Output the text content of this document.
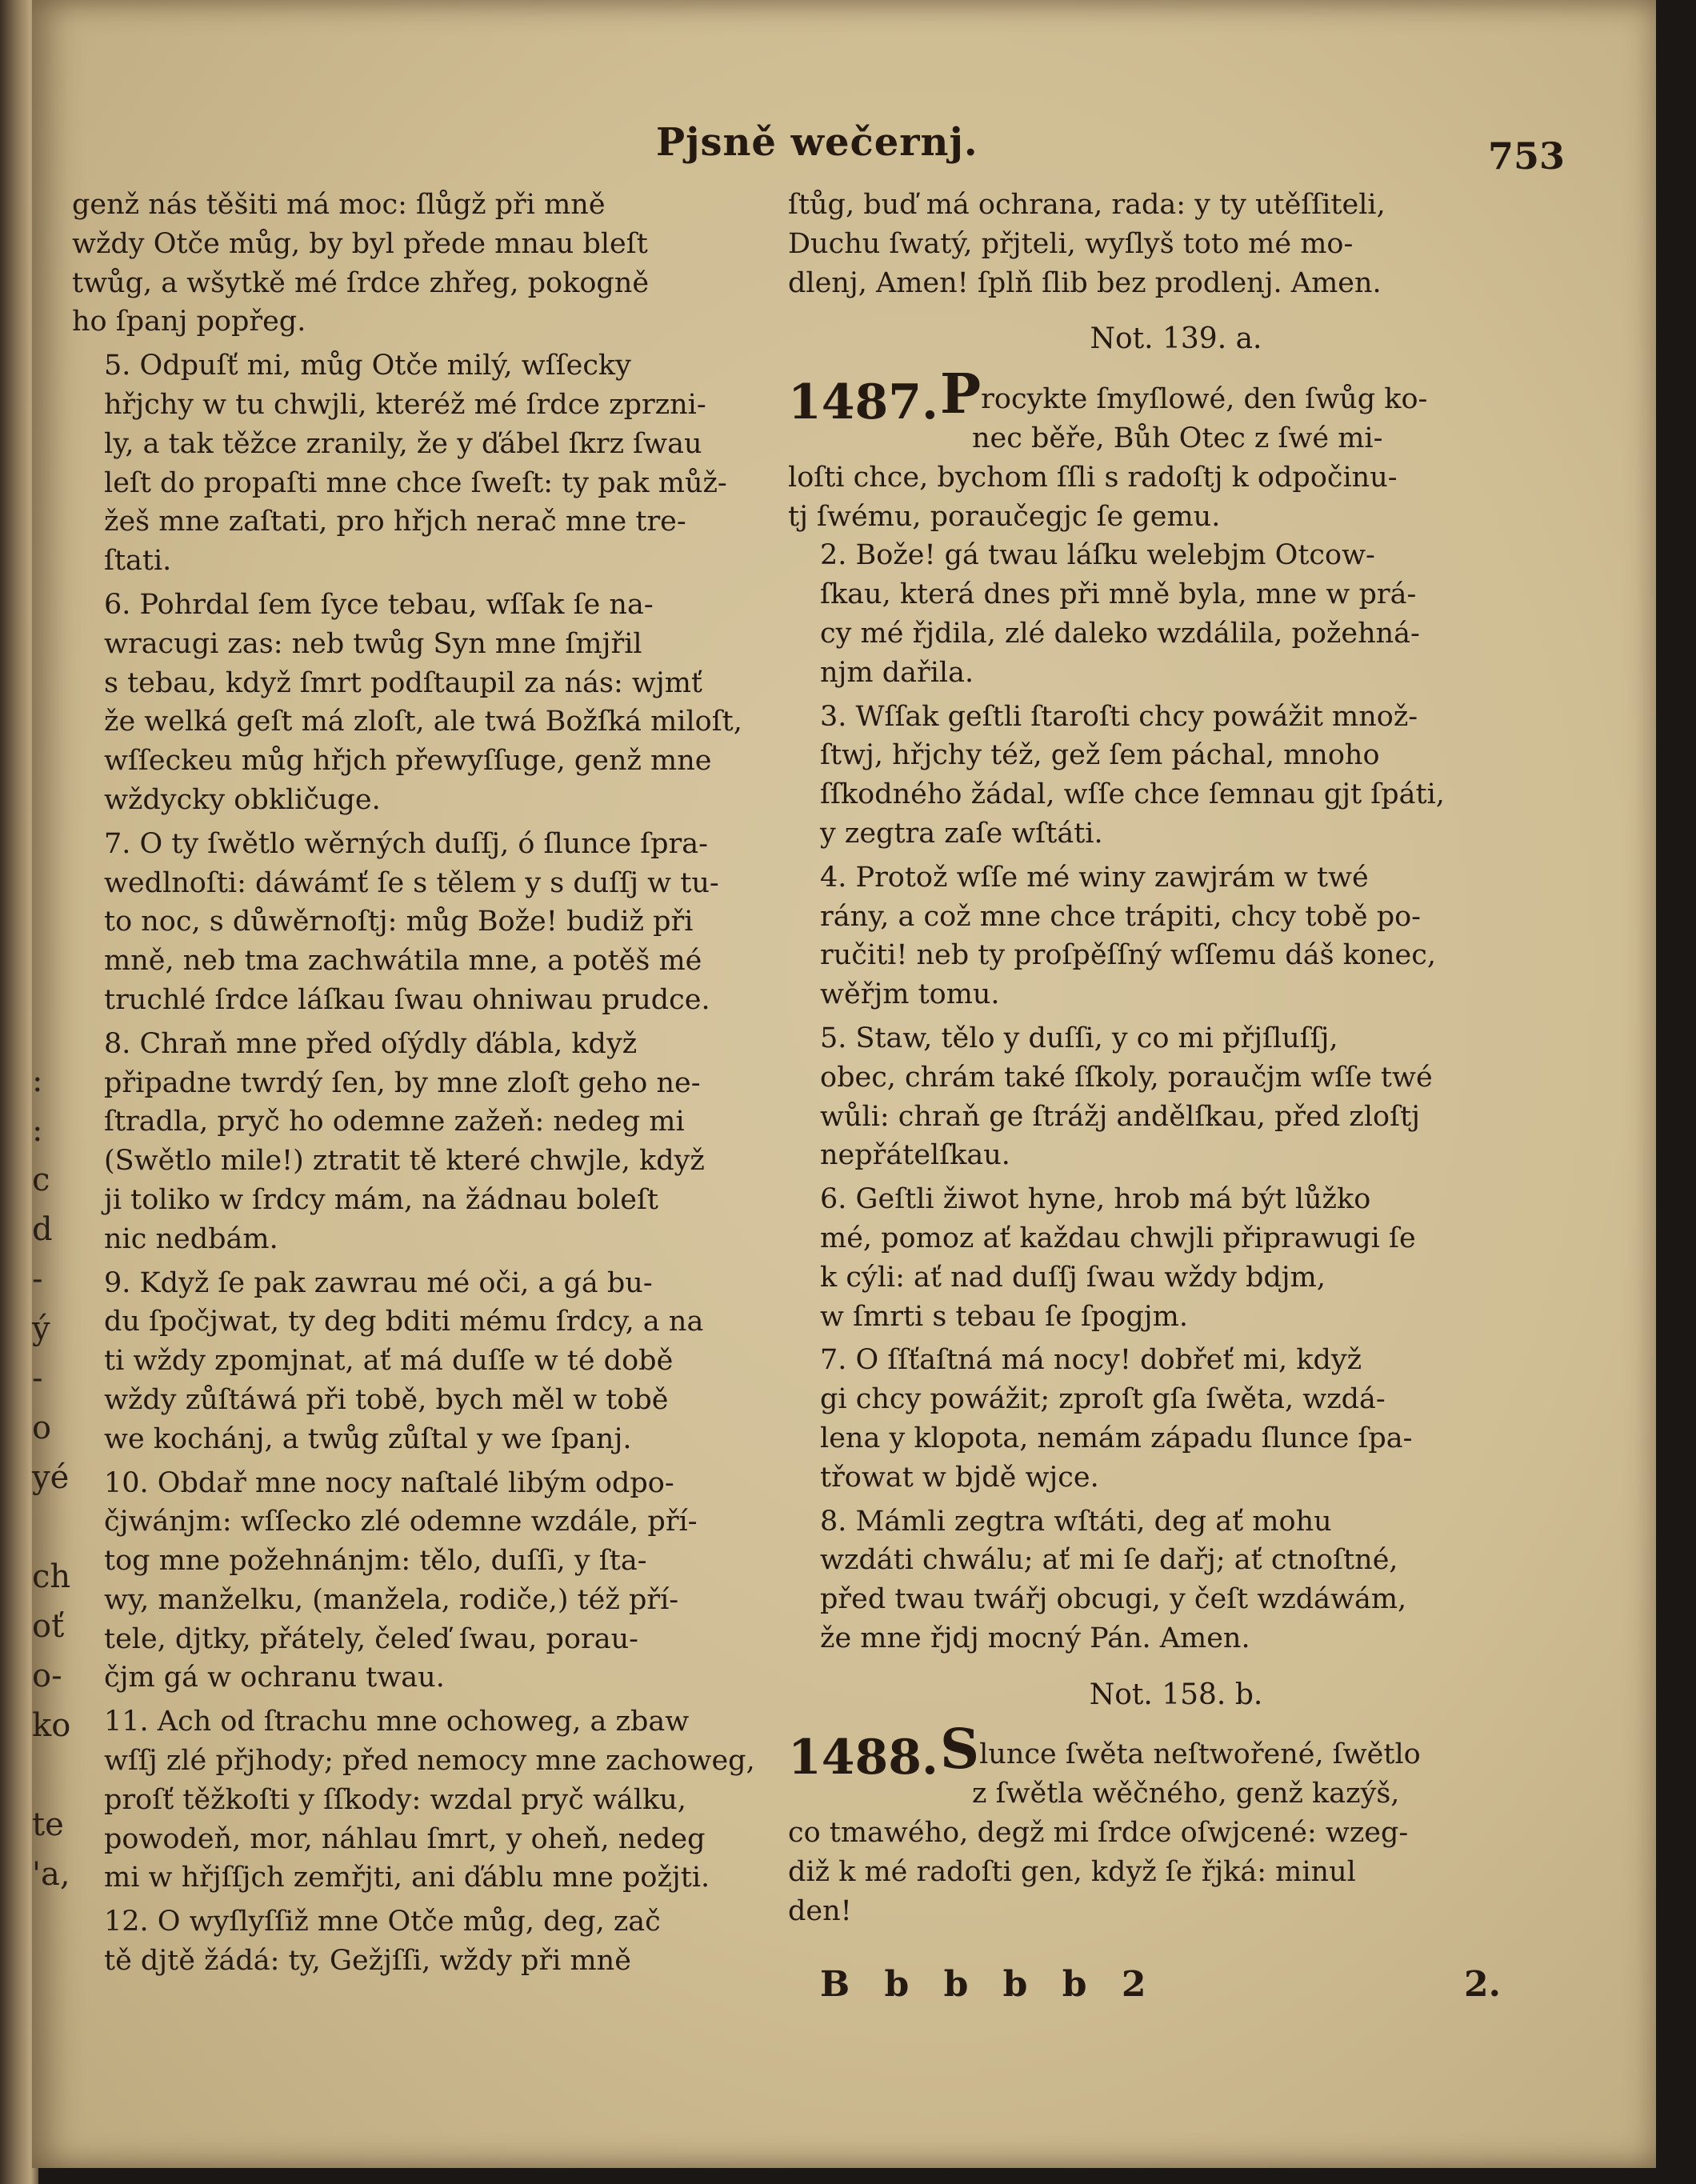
:
:
c
d
-
ý
-
o
yé
ch
oť
o-
ko
te
'a,
Pjsně wečernj.	753

genž nás těšiti má moc: ſlůgž při mně
wždy Otče můg, by byl přede mnau bleſt
twůg, a wšytkě mé ſrdce zhřeg, pokogně
ho ſpanj popřeg.

5. Odpuſť mi, můg Otče milý, wſſecky
hřjchy w tu chwjli, kteréž mé ſrdce zprzni-
ly, a tak těžce zranily, že y ďábel ſkrz ſwau
leſt do propaſti mne chce ſweſt: ty pak můž-
žeš mne zaſtati, pro hřjch nerač mne tre-
ſtati.

6. Pohrdal ſem ſyce tebau, wſſak ſe na-
wracugi zas: neb twůg Syn mne ſmjřil
s tebau, když ſmrt podſtaupil za nás: wjmť
že welká geſt má zloſt, ale twá Božſká miloſt,
wſſeckeu můg hřjch přewyſſuge, genž mne
wždycky obkličuge.

7. O ty ſwětlo wěrných duſſj, ó ſlunce ſpra-
wedlnoſti: dáwámť ſe s tělem y s duſſj w tu-
to noc, s důwěrnoſtj: můg Bože! budiž při
mně, neb tma zachwátila mne, a potěš mé
truchlé ſrdce láſkau ſwau ohniwau prudce.

8. Chraň mne před oſýdly ďábla, když
připadne twrdý ſen, by mne zloſt geho ne-
ſtradla, pryč ho odemne zažeň: nedeg mi
(Swětlo mile!) ztratit tě které chwjle, když
ji toliko w ſrdcy mám, na žádnau boleſt
nic nedbám.

9. Když ſe pak zawrau mé oči, a gá bu-
du ſpočjwat, ty deg bditi mému ſrdcy, a na
ti wždy zpomjnat, ať má duſſe w té době
wždy zůſtáwá při tobě, bych měl w tobě
we kochánj, a twůg zůſtal y we ſpanj.

10. Obdař mne nocy naſtalé libým odpo-
čjwánjm: wſſecko zlé odemne wzdále, pří-
tog mne požehnánjm: tělo, duſſi, y ſta-
wy, manželku, (manžela, rodiče,) též pří-
tele, djtky, přátely, čeleď ſwau, porau-
čjm gá w ochranu twau.

11. Ach od ſtrachu mne ochoweg, a zbaw
wſſj zlé přjhody; před nemocy mne zachoweg,
proſť těžkoſti y ſſkody: wzdal pryč wálku,
powodeň, mor, náhlau ſmrt, y oheň, nedeg
mi w hřjſſjch zemřjti, ani ďáblu mne požjti.

12. O wyſlyſſiž mne Otče můg, deg, zač
tě djtě žádá: ty, Gežjſſi, wždy při mně

ſtůg, buď má ochrana, rada: y ty utěſſiteli,
Duchu ſwatý, přjteli, wyſlyš toto mé mo-
dlenj, Amen! ſplň ſlib bez prodlenj. Amen.

Not. 139. a.
1487. Procykte ſmyſlowé, den ſwůg ko-
nec běře, Bůh Otec z ſwé mi-

loſti chce, bychom ſſli s radoſtj k odpočinu-
tj ſwému, poraučegjc ſe gemu.

2. Bože! gá twau láſku welebjm Otcow-
ſkau, která dnes při mně byla, mne w prá-
cy mé řjdila, zlé daleko wzdálila, požehná-
njm dařila.

3. Wſſak geſtli ſtaroſti chcy powážit množ-
ſtwj, hřjchy též, gež ſem páchal, mnoho
ſſkodného žádal, wſſe chce ſemnau gjt ſpáti,
y zegtra zaſe wſtáti.

4. Protož wſſe mé winy zawjrám w twé
rány, a což mne chce trápiti, chcy tobě po-
ručiti! neb ty proſpěſſný wſſemu dáš konec,
wěřjm tomu.

5. Staw, tělo y duſſi, y co mi přjſluſſj,
obec, chrám také ſſkoly, poraučjm wſſe twé
wůli: chraň ge ſtrážj andělſkau, před zloſtj
nepřátelſkau.

6. Geſtli žiwot hyne, hrob má být lůžko
mé, pomoz ať každau chwjli připrawugi ſe
k cýli: ať nad duſſj ſwau wždy bdjm,
w ſmrti s tebau ſe ſpogjm.

7. O ſſťaſtná má nocy! dobřeť mi, když
gi chcy powážit; zproſt gſa ſwěta, wzdá-
lena y klopota, nemám západu ſlunce ſpa-
třowat w bjdě wjce.

8. Mámli zegtra wſtáti, deg ať mohu
wzdáti chwálu; ať mi ſe dařj; ať ctnoſtné,
před twau twářj obcugi, y čeſt wzdáwám,
že mne řjdj mocný Pán. Amen.

Not. 158. b.
1488. Slunce ſwěta neſtwořené, ſwětlo
z ſwětla wěčného, genž kazýš,

co tmawého, degž mi ſrdce oſwjcené: wzeg-
diž k mé radoſti gen, když ſe řjká: minul
den!

B b b b b 2	2.
